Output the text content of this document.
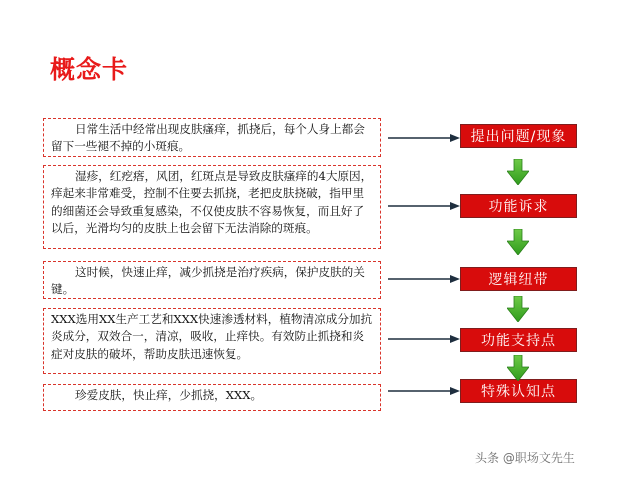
概念卡
日常生活中经常出现皮肤瘙痒，抓挠后，每个人身上都会留下一些褪不掉的小斑痕。
湿疹，红疙瘩，风团，红斑点是导致皮肤瘙痒的4大原因，痒起来非常难受，控制不住要去抓挠，老把皮肤挠破，指甲里的细菌还会导致重复感染，不仅使皮肤不容易恢复，而且好了以后，光滑均匀的皮肤上也会留下无法消除的斑痕。
这时候，快速止痒，减少抓挠是治疗疾病，保护皮肤的关键。
XXX选用XX生产工艺和XXX快速渗透材料，植物清凉成分加抗炎成分，双效合一，清凉，吸收，止痒快。有效防止抓挠和炎症对皮肤的破坏，帮助皮肤迅速恢复。
珍爱皮肤，快止痒，少抓挠，XXX。
提出问题/现象
功能诉求
逻辑纽带
功能支持点
特殊认知点
头条 @职场文先生
